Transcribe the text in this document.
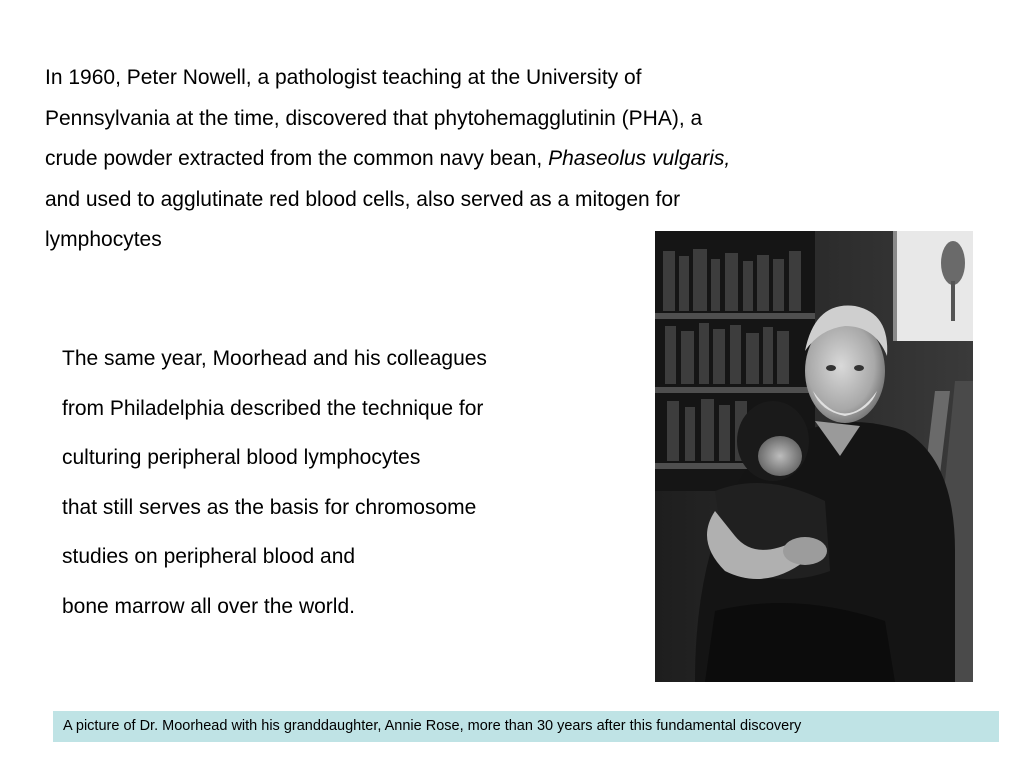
In 1960, Peter Nowell, a pathologist teaching at the University of
Pennsylvania at the time, discovered that phytohemagglutinin (PHA), a
crude powder extracted from the common navy bean, Phaseolus vulgaris,
and used to agglutinate red blood cells, also served as a mitogen for
lymphocytes
The same year, Moorhead and his colleagues
from Philadelphia described the technique for
culturing peripheral blood lymphocytes
that still serves as the basis for chromosome
studies on peripheral blood and
bone marrow all over the world.
A picture of Dr. Moorhead with his granddaughter, Annie Rose, more than 30 years after this fundamental discovery
